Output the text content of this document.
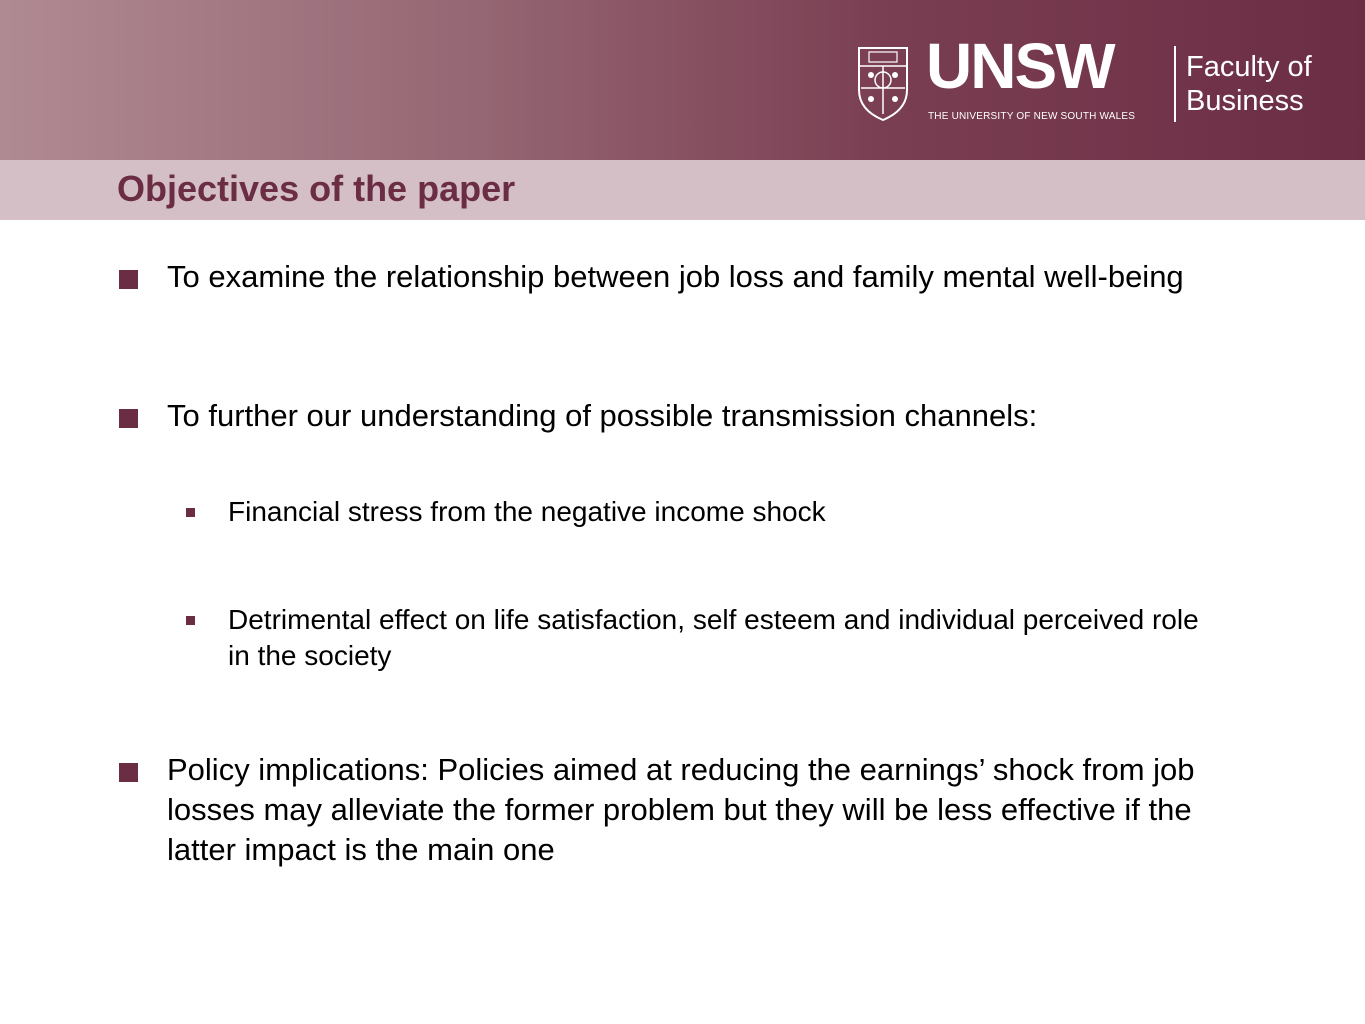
UNSW
THE UNIVERSITY OF NEW SOUTH WALES
Faculty of
Business
Objectives of the paper
To examine the relationship between job loss and family mental well-being
To further our understanding of possible transmission channels:
Financial stress from the negative income shock
Detrimental effect on life satisfaction, self esteem and individual perceived role in the society
Policy implications: Policies aimed at reducing the earnings’ shock from job losses may alleviate the former problem but they will be less effective if the latter impact is the main one
